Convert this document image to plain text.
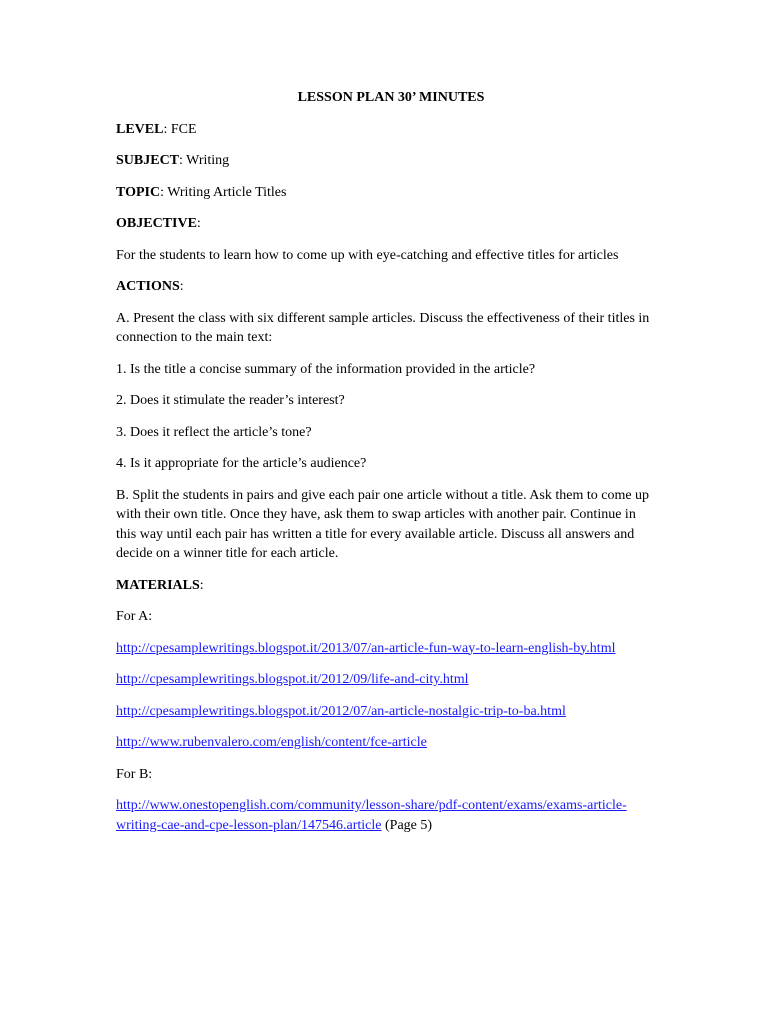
LESSON PLAN 30’ MINUTES

LEVEL: FCE

SUBJECT: Writing

TOPIC: Writing Article Titles

OBJECTIVE:

For the students to learn how to come up with eye-catching and effective titles for articles

ACTIONS:

A. Present the class with six different sample articles. Discuss the effectiveness of their titles in connection to the main text:

1. Is the title a concise summary of the information provided in the article?

2. Does it stimulate the reader’s interest?

3. Does it reflect the article’s tone?

4. Is it appropriate for the article’s audience?

B. Split the students in pairs and give each pair one article without a title. Ask them to come up with their own title. Once they have, ask them to swap articles with another pair. Continue in this way until each pair has written a title for every available article. Discuss all answers and decide on a winner title for each article.

MATERIALS:

For A:

http://cpesamplewritings.blogspot.it/2013/07/an-article-fun-way-to-learn-english-by.html

http://cpesamplewritings.blogspot.it/2012/09/life-and-city.html

http://cpesamplewritings.blogspot.it/2012/07/an-article-nostalgic-trip-to-ba.html

http://www.rubenvalero.com/english/content/fce-article

For B:

http://www.onestopenglish.com/community/lesson-share/pdf-content/exams/exams-article-writing-cae-and-cpe-lesson-plan/147546.article (Page 5)
